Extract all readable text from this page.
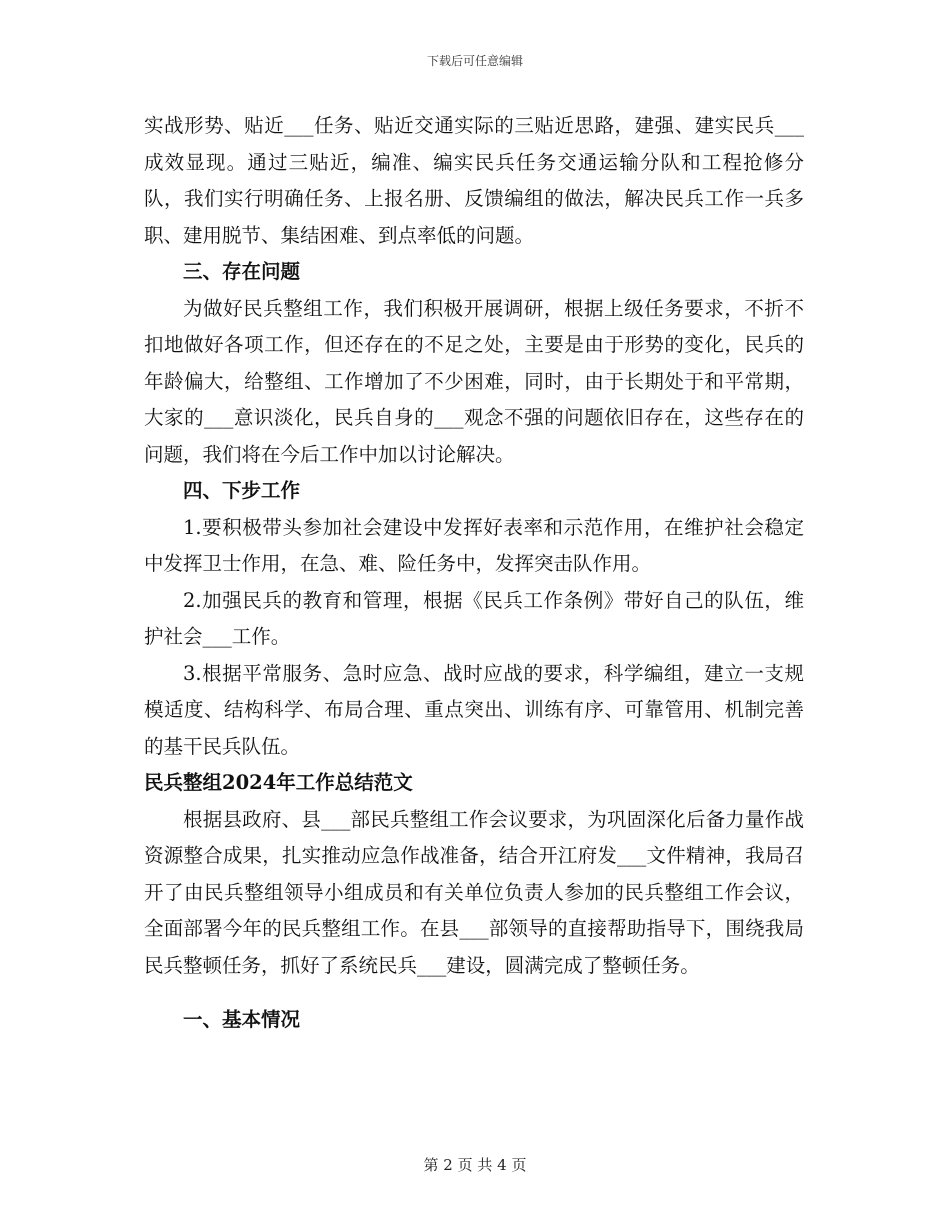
下载后可任意编辑

实战形势、贴近___任务、贴近交通实际的三贴近思路，建强、建实民兵___成效显现。通过三贴近，编准、编实民兵任务交通运输分队和工程抢修分队，我们实行明确任务、上报名册、反馈编组的做法，解决民兵工作一兵多职、建用脱节、集结困难、到点率低的问题。

三、存在问题

为做好民兵整组工作，我们积极开展调研，根据上级任务要求，不折不扣地做好各项工作，但还存在的不足之处，主要是由于形势的变化，民兵的年龄偏大，给整组、工作增加了不少困难，同时，由于长期处于和平常期，大家的___意识淡化，民兵自身的___观念不强的问题依旧存在，这些存在的问题，我们将在今后工作中加以讨论解决。

四、下步工作

1.要积极带头参加社会建设中发挥好表率和示范作用，在维护社会稳定中发挥卫士作用，在急、难、险任务中，发挥突击队作用。

2.加强民兵的教育和管理，根据《民兵工作条例》带好自己的队伍，维护社会___工作。

3.根据平常服务、急时应急、战时应战的要求，科学编组，建立一支规模适度、结构科学、布局合理、重点突出、训练有序、可靠管用、机制完善的基干民兵队伍。

民兵整组2024年工作总结范文

根据县政府、县___部民兵整组工作会议要求，为巩固深化后备力量作战资源整合成果，扎实推动应急作战准备，结合开江府发___文件精神，我局召开了由民兵整组领导小组成员和有关单位负责人参加的民兵整组工作会议，全面部署今年的民兵整组工作。在县___部领导的直接帮助指导下，围绕我局民兵整顿任务，抓好了系统民兵___建设，圆满完成了整顿任务。

一、基本情况

第 2 页 共 4 页
